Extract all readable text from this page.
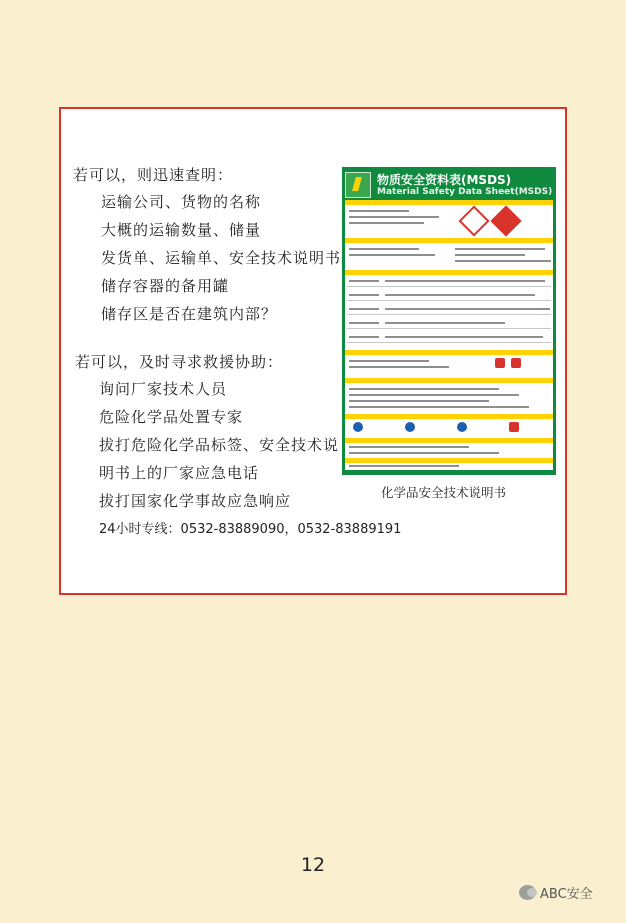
若可以，则迅速查明：
运输公司、货物的名称
大概的运输数量、储量
发货单、运输单、安全技术说明书
储存容器的备用罐
储存区是否在建筑内部？
若可以，及时寻求救援协助：
询问厂家技术人员
危险化学品处置专家
拔打危险化学品标签、安全技术说
明书上的厂家应急电话
拔打国家化学事故应急响应
24小时专线：0532-83889090，0532-83889191
物质安全资料表(MSDS)
Material Safety Data Sheet(MSDS)
化学品安全技术说明书
12
ABC安全
